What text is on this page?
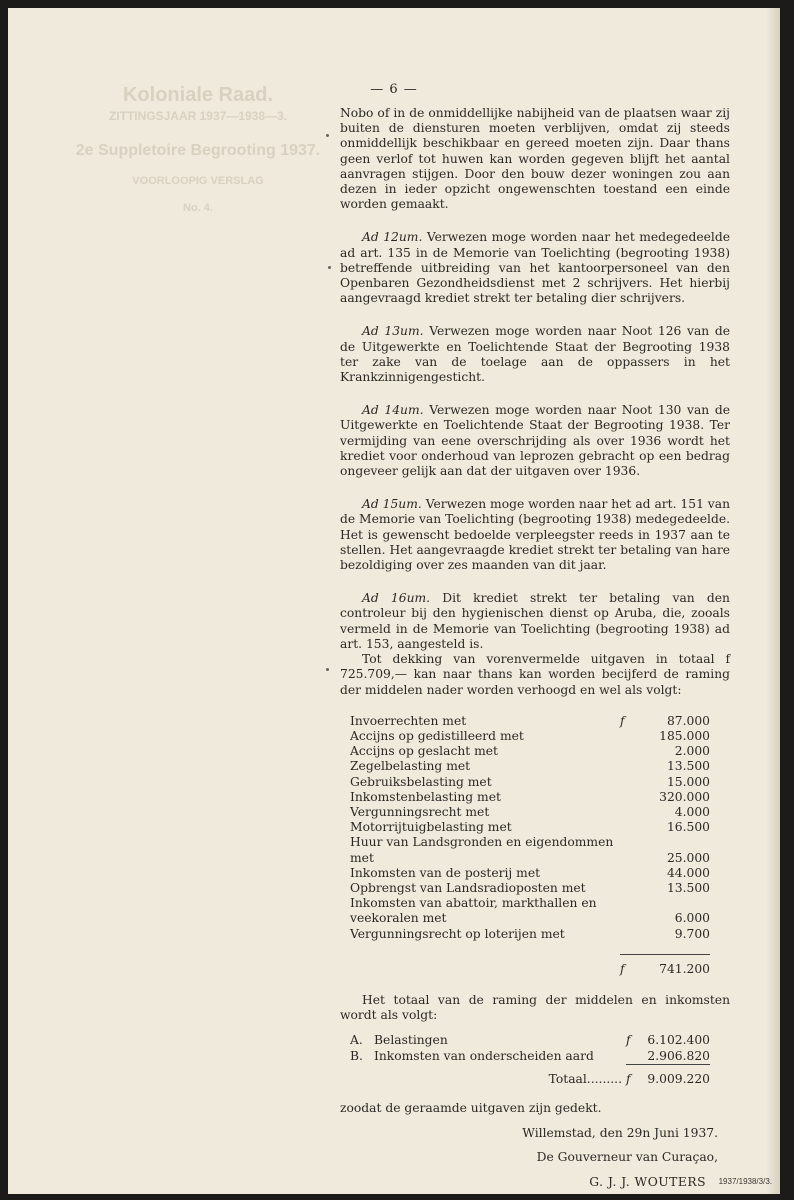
Koloniale Raad.
ZITTINGSJAAR 1937—1938—3.
2e Suppletoire Begrooting 1937.
VOORLOOPIG VERSLAG
No. 4.
— 6 —

Nobo of in de onmiddellijke nabijheid van de plaatsen waar zij buiten de diensturen moeten verblijven, omdat zij steeds onmiddellijk beschikbaar en gereed moeten zijn. Daar thans geen verlof tot huwen kan worden gegeven blijft het aantal aanvragen stijgen. Door den bouw dezer woningen zou aan dezen in ieder opzicht ongewenschten toestand een einde worden gemaakt.

Ad 12um. Verwezen moge worden naar het medegedeelde ad art. 135 in de Memorie van Toelichting (begrooting 1938) betreffende uitbreiding van het kantoorpersoneel van den Openbaren Gezondheidsdienst met 2 schrijvers. Het hierbij aangevraagd krediet strekt ter betaling dier schrijvers.

Ad 13um. Verwezen moge worden naar Noot 126 van de de Uitgewerkte en Toelichtende Staat der Begrooting 1938 ter zake van de toelage aan de oppassers in het Krankzinnigengesticht.

Ad 14um. Verwezen moge worden naar Noot 130 van de Uitgewerkte en Toelichtende Staat der Begrooting 1938. Ter vermijding van eene overschrijding als over 1936 wordt het krediet voor onderhoud van leprozen gebracht op een bedrag ongeveer gelijk aan dat der uitgaven over 1936.

Ad 15um. Verwezen moge worden naar het ad art. 151 van de Memorie van Toelichting (begrooting 1938) medegedeelde. Het is gewenscht bedoelde verpleegster reeds in 1937 aan te stellen. Het aangevraagde krediet strekt ter betaling van hare bezoldiging over zes maanden van dit jaar.

Ad 16um. Dit krediet strekt ter betaling van den controleur bij den hygienischen dienst op Aruba, die, zooals vermeld in de Memorie van Toelichting (begrooting 1938) ad art. 153, aangesteld is.

Tot dekking van vorenvermelde uitgaven in totaal f 725.709,— kan naar thans kan worden becijferd de raming der middelen nader worden verhoogd en wel als volgt:

Invoerrechten met	f	87.000
Accijns op gedistilleerd met		185.000
Accijns op geslacht met		2.000
Zegelbelasting met		13.500
Gebruiksbelasting met		15.000
Inkomstenbelasting met		320.000
Vergunningsrecht met		4.000
Motorrijtuigbelasting met		16.500
Huur van Landsgronden en eigendommen met		25.000
Inkomsten van de posterij met		44.000
Opbrengst van Landsradioposten met		13.500
Inkomsten van abattoir, markthallen en veekoralen met		6.000
Vergunningsrecht op loterijen met		9.700

	f	741.200

Het totaal van de raming der middelen en inkomsten wordt als volgt:

A.	Belastingen	f	6.102.400
B.	Inkomsten van onderscheiden aard		2.906.820

Totaal.........		f	9.009.220

zoodat de geraamde uitgaven zijn gedekt.

Willemstad, den 29n Juni 1937.
De Gouverneur van Curaçao,
G. J. J. WOUTERS	1937/1938/3/3.
